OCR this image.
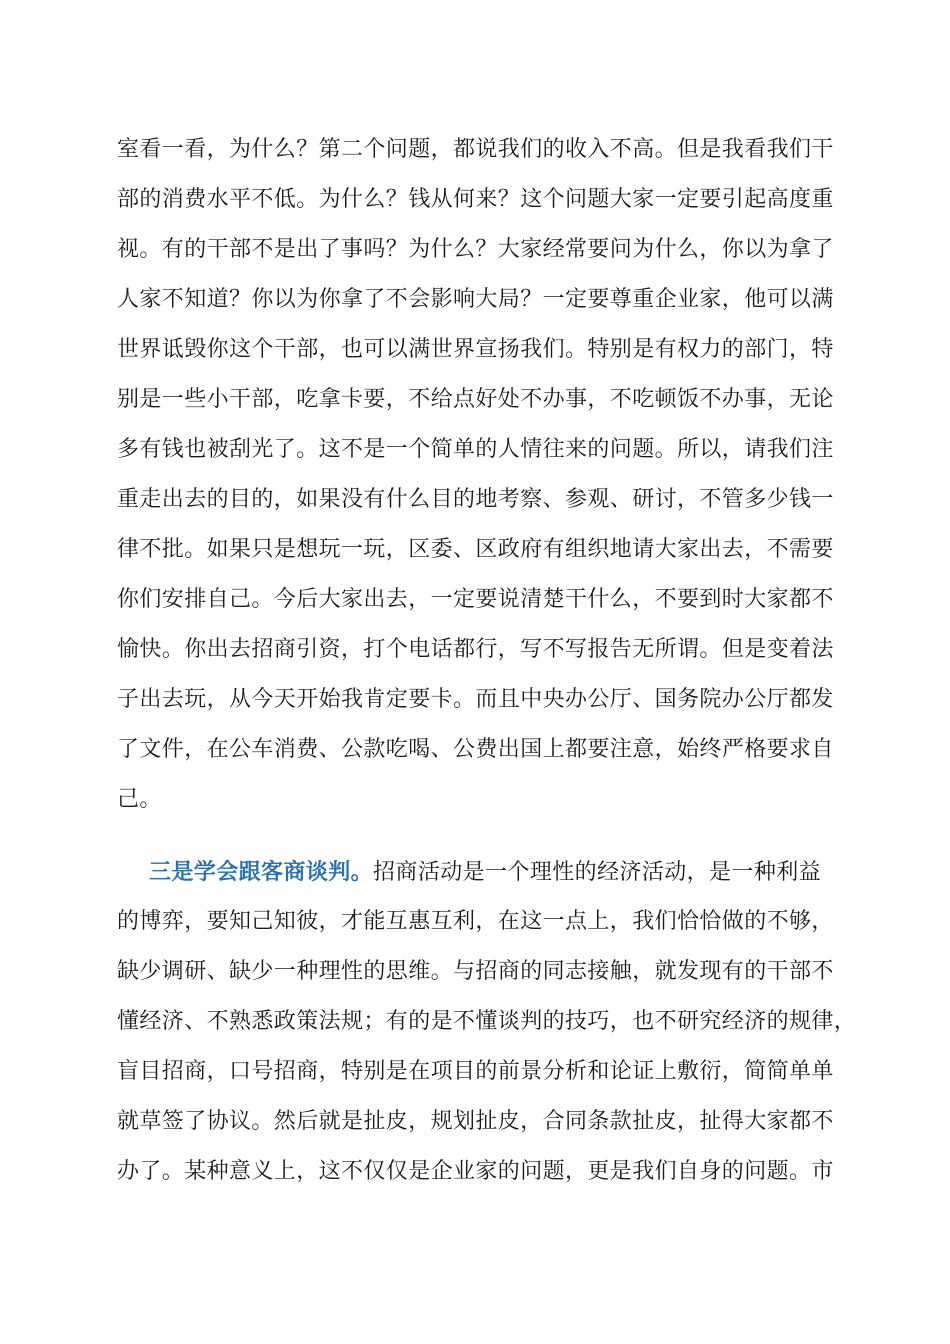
室看一看，为什么？第二个问题，都说我们的收入不高。但是我看我们干
部的消费水平不低。为什么？钱从何来？这个问题大家一定要引起高度重
视。有的干部不是出了事吗？为什么？大家经常要问为什么，你以为拿了
人家不知道？你以为你拿了不会影响大局？一定要尊重企业家，他可以满
世界诋毁你这个干部，也可以满世界宣扬我们。特别是有权力的部门，特
别是一些小干部，吃拿卡要，不给点好处不办事，不吃顿饭不办事，无论
多有钱也被刮光了。这不是一个简单的人情往来的问题。所以，请我们注
重走出去的目的，如果没有什么目的地考察、参观、研讨，不管多少钱一
律不批。如果只是想玩一玩，区委、区政府有组织地请大家出去，不需要
你们安排自己。今后大家出去，一定要说清楚干什么，不要到时大家都不
愉快。你出去招商引资，打个电话都行，写不写报告无所谓。但是变着法
子出去玩，从今天开始我肯定要卡。而且中央办公厅、国务院办公厅都发
了文件，在公车消费、公款吃喝、公费出国上都要注意，始终严格要求自
己。
三是学会跟客商谈判。招商活动是一个理性的经济活动，是一种利益
的博弈，要知己知彼，才能互惠互利，在这一点上，我们恰恰做的不够，
缺少调研、缺少一种理性的思维。与招商的同志接触，就发现有的干部不
懂经济、不熟悉政策法规；有的是不懂谈判的技巧，也不研究经济的规律，
盲目招商，口号招商，特别是在项目的前景分析和论证上敷衍，简简单单
就草签了协议。然后就是扯皮，规划扯皮，合同条款扯皮，扯得大家都不
办了。某种意义上，这不仅仅是企业家的问题，更是我们自身的问题。市
